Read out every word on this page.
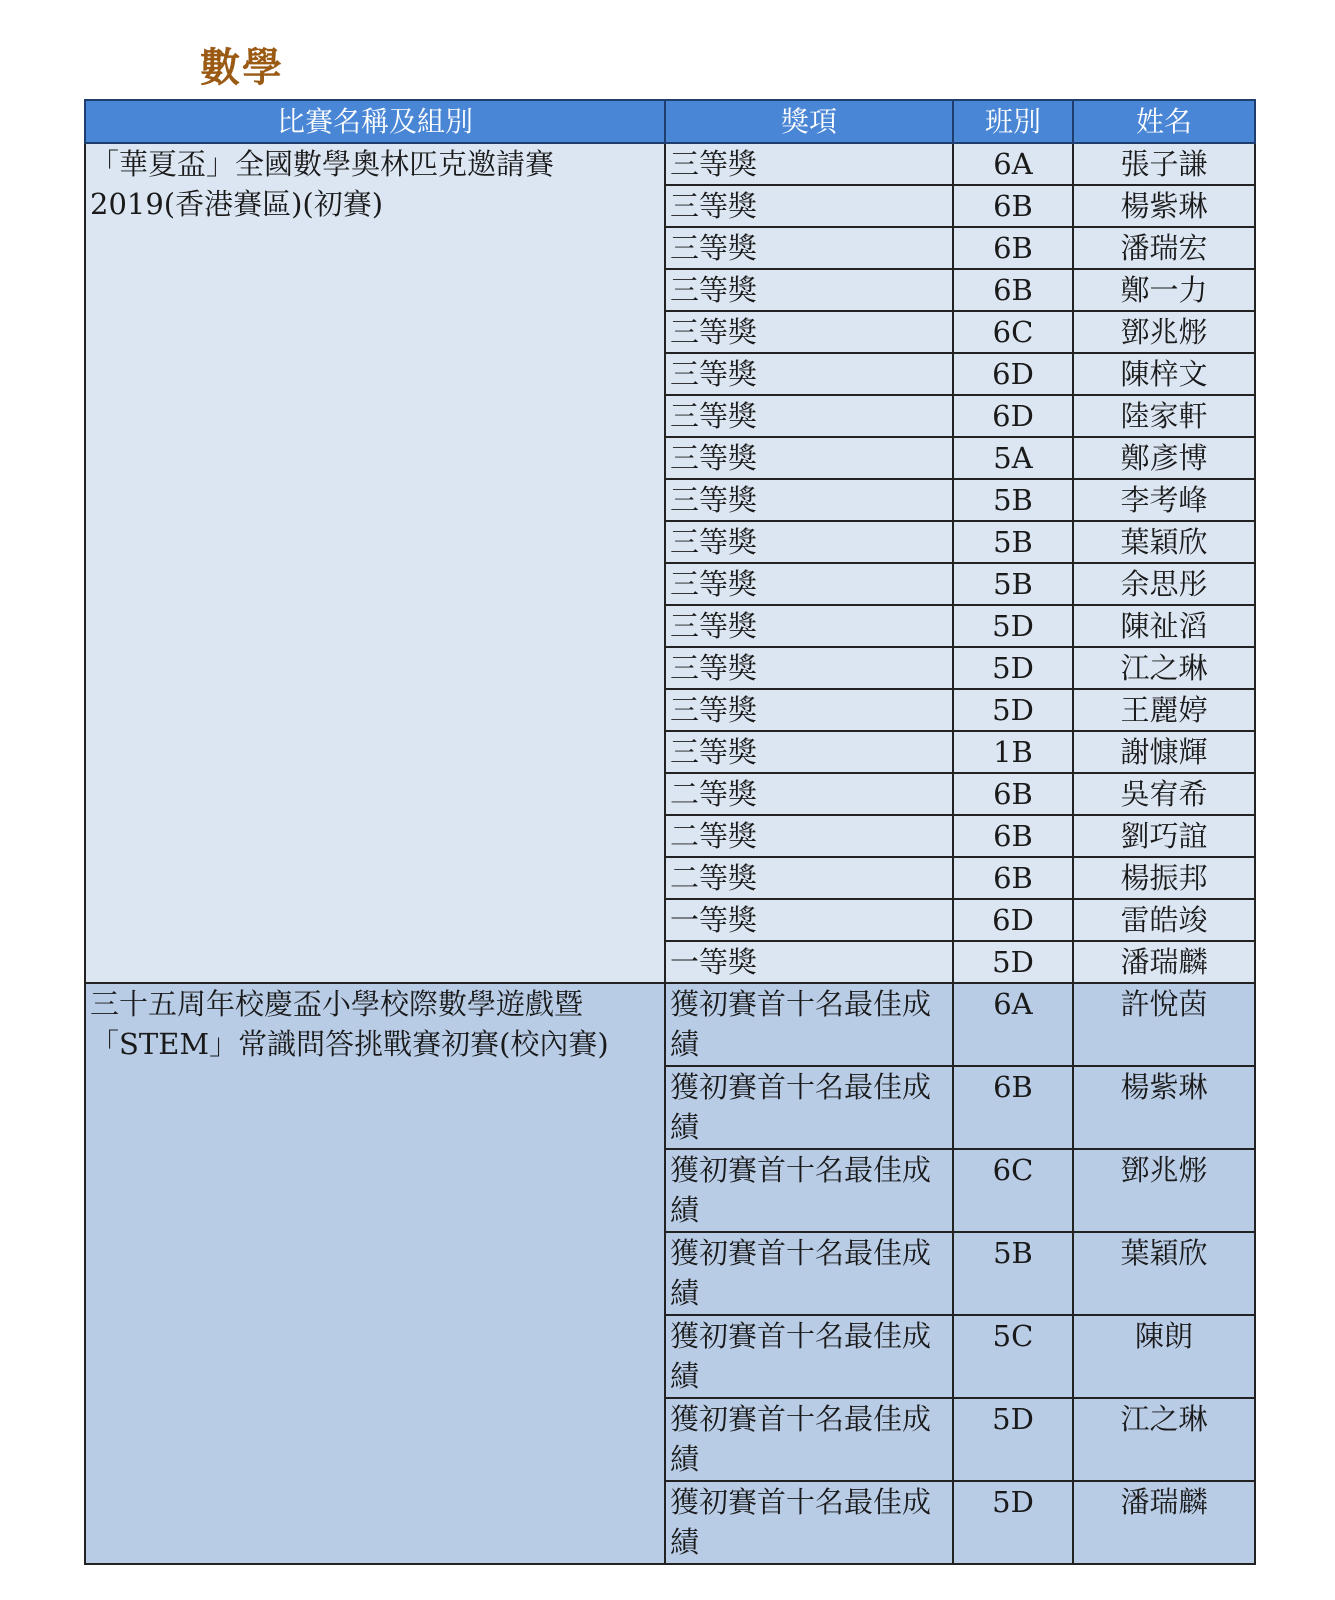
數學
比賽名稱及組別	獎項	班別	姓名
「華夏盃」全國數學奧林匹克邀請賽2019(香港賽區)(初賽)	三等獎	6A	張子謙
	三等獎	6B	楊紫琳
	三等獎	6B	潘瑞宏
	三等獎	6B	鄭一力
	三等獎	6C	鄧兆烿
	三等獎	6D	陳梓文
	三等獎	6D	陸家軒
	三等獎	5A	鄭彥博
	三等獎	5B	李考峰
	三等獎	5B	葉穎欣
	三等獎	5B	余思彤
	三等獎	5D	陳祉滔
	三等獎	5D	江之琳
	三等獎	5D	王麗婷
	三等獎	1B	謝慷輝
	二等獎	6B	吳宥希
	二等獎	6B	劉巧誼
	二等獎	6B	楊振邦
	一等獎	6D	雷皓竣
	一等獎	5D	潘瑞麟
三十五周年校慶盃小學校際數學遊戲暨「STEM」常識問答挑戰賽初賽(校內賽)	獲初賽首十名最佳成績	6A	許悅茵
	獲初賽首十名最佳成績	6B	楊紫琳
	獲初賽首十名最佳成績	6C	鄧兆烿
	獲初賽首十名最佳成績	5B	葉穎欣
	獲初賽首十名最佳成績	5C	陳朗
	獲初賽首十名最佳成績	5D	江之琳
	獲初賽首十名最佳成績	5D	潘瑞麟
